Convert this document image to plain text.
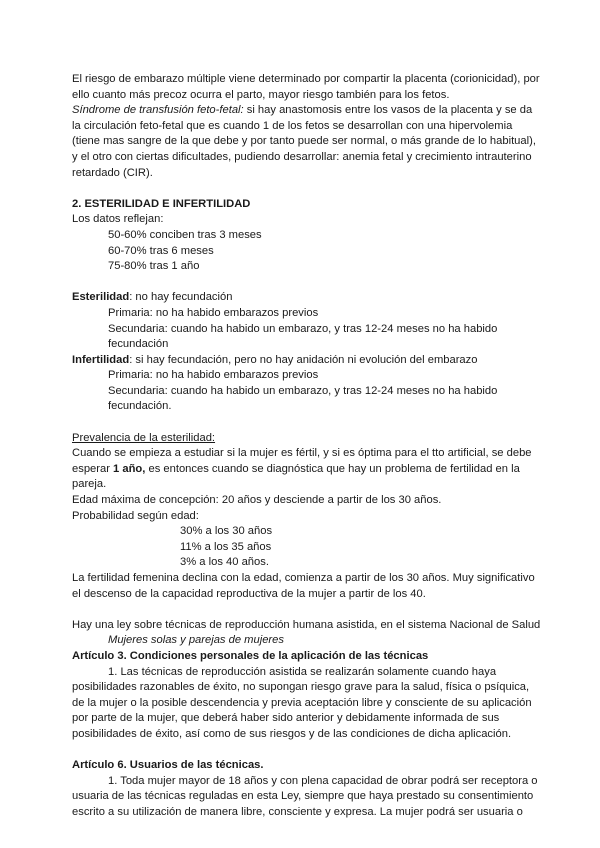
El riesgo de embarazo múltiple viene determinado por compartir la placenta (corionicidad), por ello cuanto más precoz ocurra el parto, mayor riesgo también para los fetos.

Síndrome de transfusión feto-fetal: si hay anastomosis entre los vasos de la placenta y se da la circulación feto-fetal que es cuando 1 de los fetos se desarrollan con una hipervolemia (tiene mas sangre de la que debe y por tanto puede ser normal, o más grande de lo habitual), y el otro con ciertas dificultades, pudiendo desarrollar: anemia fetal y crecimiento intrauterino retardado (CIR).

2. ESTERILIDAD E INFERTILIDAD

Los datos reflejan:

50-60% conciben tras 3 meses

60-70% tras 6 meses

75-80% tras 1 año

Esterilidad: no hay fecundación

Primaria: no ha habido embarazos previos

Secundaria: cuando ha habido un embarazo, y tras 12-24 meses no ha habido

fecundación

Infertilidad: si hay fecundación, pero no hay anidación ni evolución del embarazo

Primaria: no ha habido embarazos previos

Secundaria: cuando ha habido un embarazo, y tras 12-24 meses no ha habido

fecundación.

Prevalencia de la esterilidad:

Cuando se empieza a estudiar si la mujer es fértil, y si es óptima para el tto artificial, se debe esperar 1 año, es entonces cuando se diagnóstica que hay un problema de fertilidad en la pareja.

Edad máxima de concepción: 20 años y desciende a partir de los 30 años.

Probabilidad según edad:

30% a los 30 años

11% a los 35 años

3% a los 40 años.

La fertilidad femenina declina con la edad, comienza a partir de los 30 años. Muy significativo el descenso de la capacidad reproductiva de la mujer a partir de los 40.

Hay una ley sobre técnicas de reproducción humana asistida, en el sistema Nacional de Salud

Mujeres solas y parejas de mujeres

Artículo 3. Condiciones personales de la aplicación de las técnicas

1. Las técnicas de reproducción asistida se realizarán solamente cuando haya

posibilidades razonables de éxito, no supongan riesgo grave para la salud, física o psíquica, de la mujer o la posible descendencia y previa aceptación libre y consciente de su aplicación por parte de la mujer, que deberá haber sido anterior y debidamente informada de sus posibilidades de éxito, así como de sus riesgos y de las condiciones de dicha aplicación.

Artículo 6. Usuarios de las técnicas.

1. Toda mujer mayor de 18 años y con plena capacidad de obrar podrá ser receptora o

usuaria de las técnicas reguladas en esta Ley, siempre que haya prestado su consentimiento escrito a su utilización de manera libre, consciente y expresa. La mujer podrá ser usuaria o
